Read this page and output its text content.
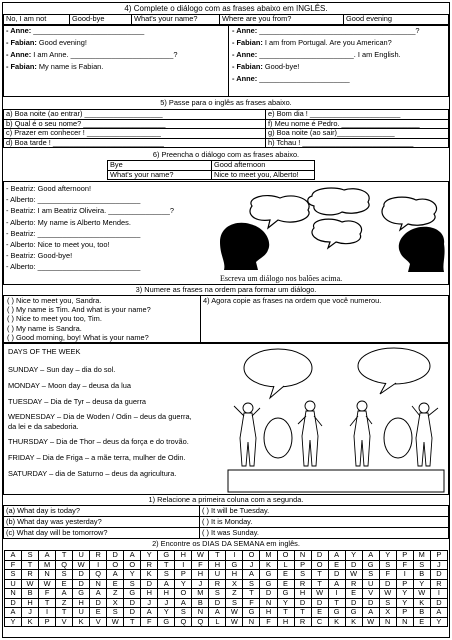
4) Complete o diálogo com as frases abaixo em INGLÊS.
No, I am not	Good-bye	What's your name?	Where are you from?	Good evening
- Anne: ___________________________
- Fabian: Good evening!
- Anne: I am Anne. _________________________?
- Fabian: My name is Fabian.
- Anne: ______________________________________?
- Fabian: I am from Portugal. Are you American?
- Anne: _______________________. I am English.
- Fabian: Good-bye!
- Anne: ______________________
5) Passe para o inglês as frases abaixo.
a) Boa noite (ao entrar) ___________________	e) Bom dia ! ______________________
b) Qual é o seu nome? ____________________	f) Meu nome é Pedro. ___________________
c) Prazer em conhecer ! __________________	g) Boa noite (ao sair)______________
d) Boa tarde ! ___________________________	h) Tchau ! ___________________________
6) Preencha o diálogo com as frases abaixo.
Bye	Good afternoon
What's your name?	Nice to meet you, Alberto!
- Beatriz: Good afternoon!
- Alberto: _________________________
- Beatriz: I am Beatriz Oliveira. _______________?
- Alberto: My name is Alberto Mendes.
- Beatriz: _________________________
- Alberto: Nice to meet you, too!
- Beatriz: Good-bye!
- Alberto: _________________________
Escreva um diálogo nos balões acima.
3) Numere as frases na ordem para formar um diálogo.
( ) Nice to meet you, Sandra.
( ) My name is Tim. And what is your name?
( ) Nice to meet you too, Tim.
( ) My name is Sandra.
( ) Good morning, boy! What is your name?
4) Agora copie as frases na ordem que você numerou.
DAYS OF THE WEEK
SUNDAY – Sun day – dia do sol.
MONDAY – Moon day – deusa da lua
TUESDAY – Dia de Tyr – deusa da guerra
WEDNESDAY – Dia de Woden / Odin – deus da guerra,
da lei e da sabedoria.
THURSDAY – Dia de Thor – deus da força e do trovão.
FRIDAY – Dia de Friga – a mãe terra, mulher de Odin.
SATURDAY – dia de Saturno – deus da agricultura.
1) Relacione a primeira coluna com a segunda.
(a) What day is today?	( ) It will be Tuesday.
(b) What day was yesterday?	( ) It is Monday.
(c) What day will be tomorrow?	( ) It was Sunday.
2) Encontre os DIAS DA SEMANA em inglês.
A	S	A	T	U	R	D	A	Y	G	H	W	T	I	O	M	O	N	D	A	Y	A	Y	P	M	P
F	T	M	Q	W	I	O	O	R	T	I	F	H	G	J	K	L	P	O	E	D	G	S	F	S	J
S	R	N	S	D	Q	A	Y	K	S	P	H	U	H	A	G	E	S	T	D	W	S	F	I	B	D
U	W	W	E	D	N	E	S	D	A	Y	J	R	X	S	G	E	R	T	A	R	U	D	P	Y	R
N	B	F	A	G	A	Z	G	H	H	O	M	S	Z	T	D	G	H	W	I	E	V	W	Y	W	I
D	H	T	Z	H	D	X	D	J	J	A	B	D	S	F	N	Y	D	D	T	D	D	S	Y	K	D
A	J	I	T	U	E	S	D	A	Y	S	N	A	W	G	H	T	T	E	G	G	A	X	P	B	A
Y	K	P	V	K	V	W	T	F	G	Q	Q	L	W	N	F	H	R	C	K	K	W	N	N	E	Y
